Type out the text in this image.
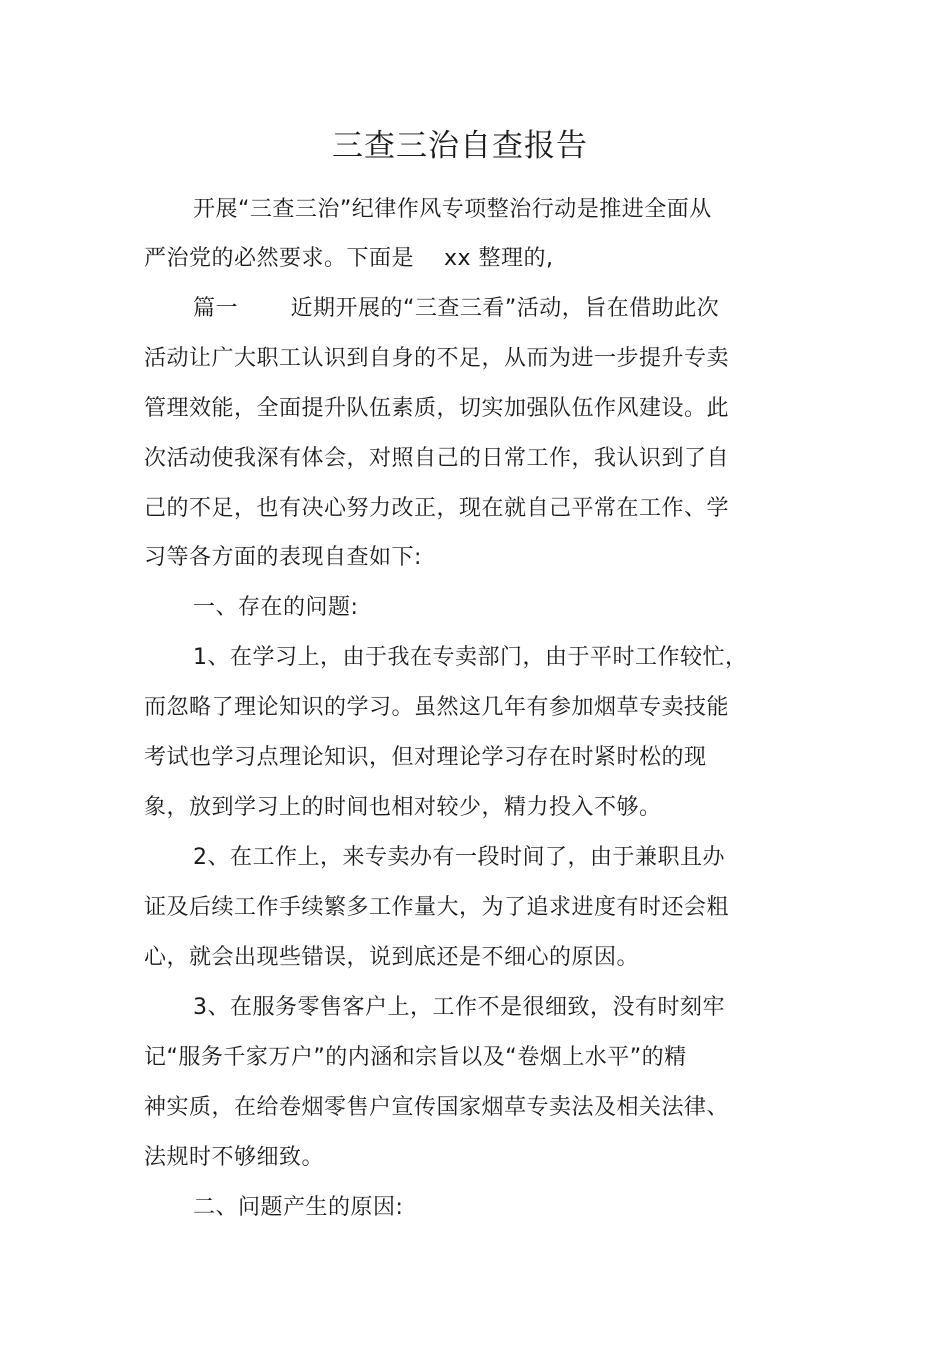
三查三治自查报告

开展“三查三治”纪律作风专项整治行动是推进全面从

严治党的必然要求。下面是　 xx 整理的,

篇一　　 近期开展的“三查三看”活动，旨在借助此次

活动让广大职工认识到自身的不足，从而为进一步提升专卖

管理效能，全面提升队伍素质，切实加强队伍作风建设。此

次活动使我深有体会，对照自己的日常工作，我认识到了自

己的不足，也有决心努力改正，现在就自己平常在工作、学

习等各方面的表现自查如下:

一、存在的问题:

1、在学习上，由于我在专卖部门，由于平时工作较忙，

而忽略了理论知识的学习。虽然这几年有参加烟草专卖技能

考试也学习点理论知识，但对理论学习存在时紧时松的现

象，放到学习上的时间也相对较少，精力投入不够。

2、在工作上，来专卖办有一段时间了，由于兼职且办

证及后续工作手续繁多工作量大，为了追求进度有时还会粗

心，就会出现些错误，说到底还是不细心的原因。

3、在服务零售客户上，工作不是很细致，没有时刻牢

记“服务千家万户”的内涵和宗旨以及“卷烟上水平”的精

神实质，在给卷烟零售户宣传国家烟草专卖法及相关法律、

法规时不够细致。

二、问题产生的原因:
